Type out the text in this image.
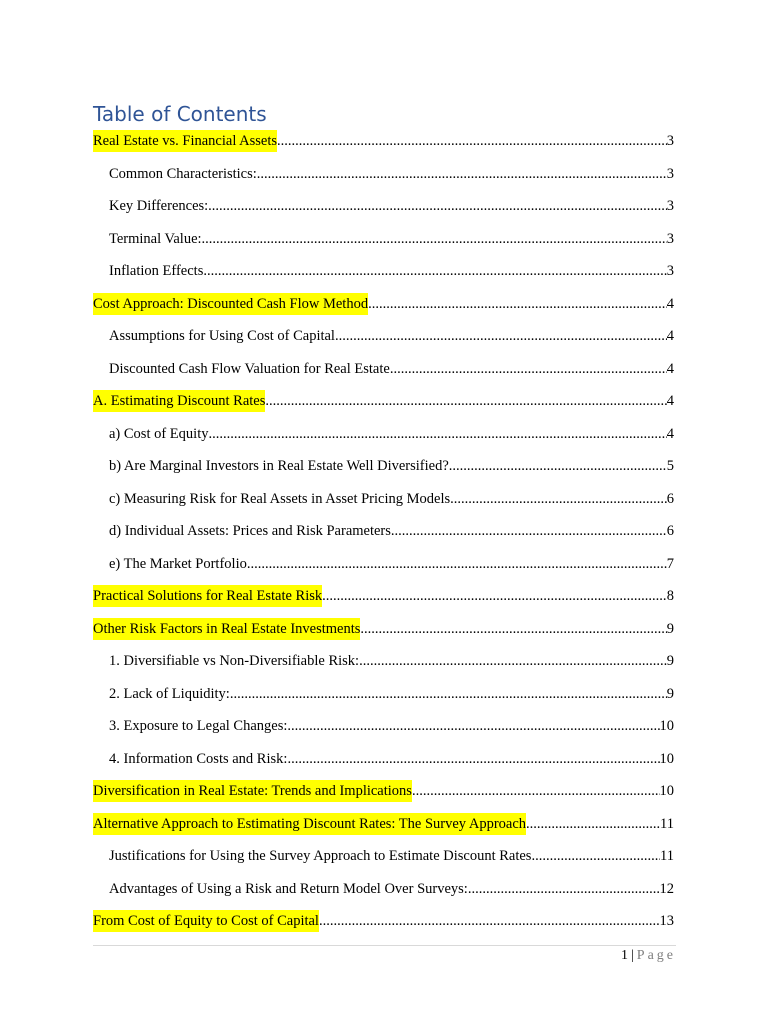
Table of Contents
Real Estate vs. Financial Assets .....	3
Common Characteristics: .....	3
Key Differences: .....	3
Terminal Value: .....	3
Inflation Effects .....	3
Cost Approach: Discounted Cash Flow Method .....	4
Assumptions for Using Cost of Capital .....	4
Discounted Cash Flow Valuation for Real Estate .....	4
A. Estimating Discount Rates .....	4
a) Cost of Equity .....	4
b) Are Marginal Investors in Real Estate Well Diversified? .....	5
c) Measuring Risk for Real Assets in Asset Pricing Models .....	6
d) Individual Assets: Prices and Risk Parameters .....	6
e) The Market Portfolio .....	7
Practical Solutions for Real Estate Risk .....	8
Other Risk Factors in Real Estate Investments .....	9
1. Diversifiable vs Non-Diversifiable Risk: .....	9
2. Lack of Liquidity: .....	9
3. Exposure to Legal Changes: .....	10
4. Information Costs and Risk: .....	10
Diversification in Real Estate: Trends and Implications .....	10
Alternative Approach to Estimating Discount Rates: The Survey Approach .....	11
Justifications for Using the Survey Approach to Estimate Discount Rates .....	11
Advantages of Using a Risk and Return Model Over Surveys: .....	12
From Cost of Equity to Cost of Capital .....	13
1 | Page
